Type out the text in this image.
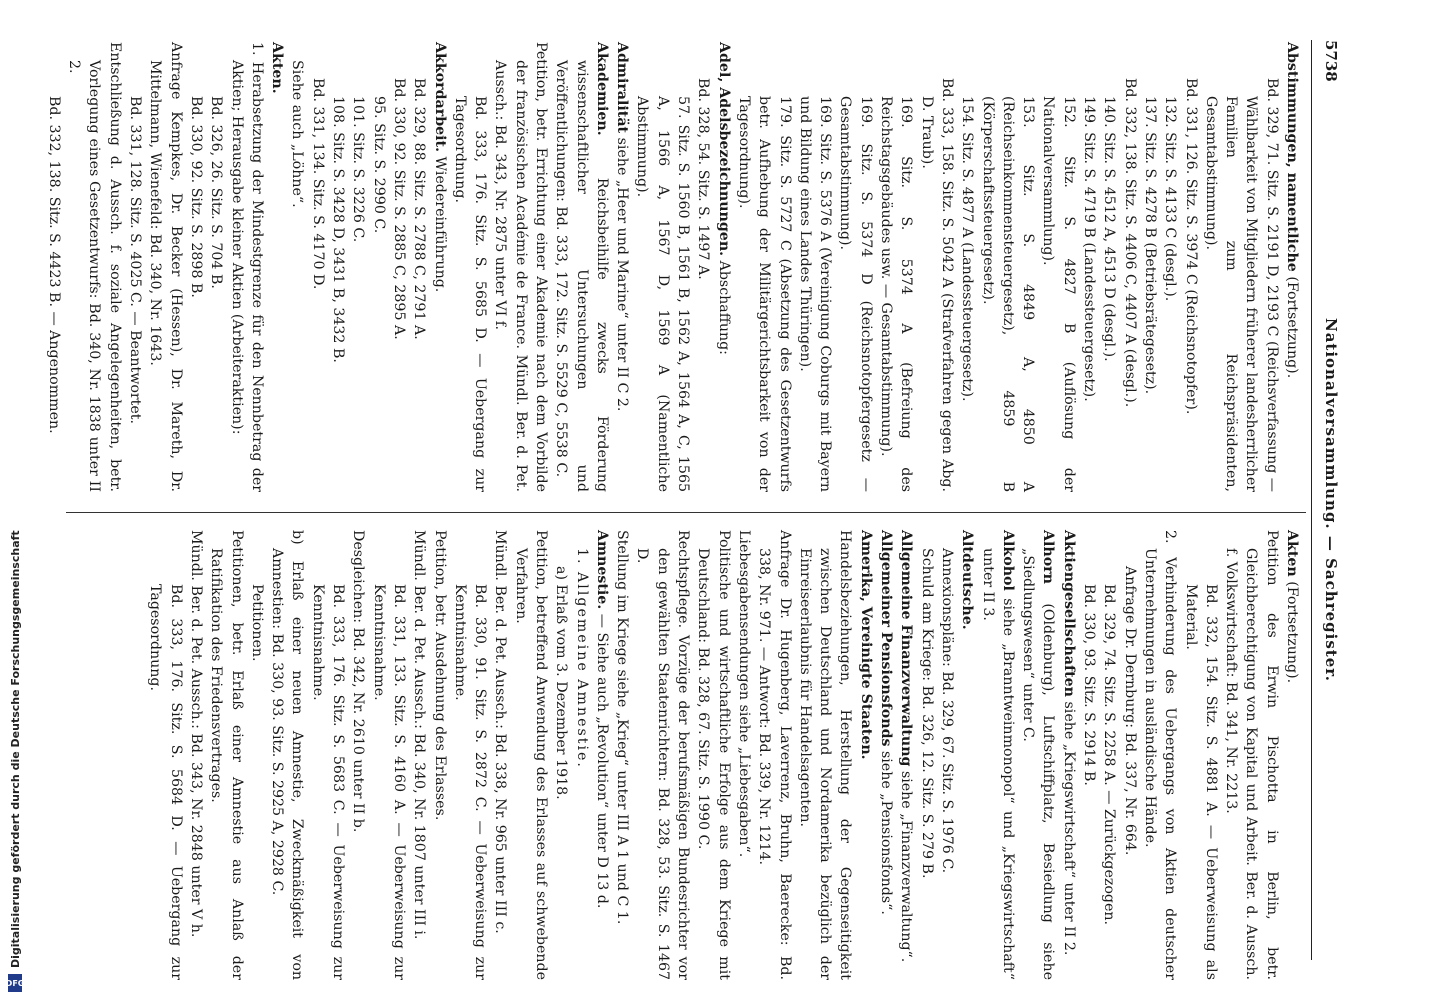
5738
Nationalversammlung. — Sachregister.

Abstimmungen, namentliche (Fortsetzung).

Bd. 329, 71. Sitz. S. 2191 D, 2193 C (Reichsverfassung — Wählbarkeit von Mitgliedern früherer landesherrlicher Familien zum Reichspräsidenten, Gesamtabstimmung).

Bd. 331, 126. Sitz. S. 3974 C (Reichsnotopfer).

132. Sitz. S. 4133 C (desgl.).

137. Sitz. S. 4278 B (Betriebsrätegesetz).

Bd. 332, 138. Sitz. S. 4406 C, 4407 A (desgl.).

140. Sitz. S. 4512 A, 4513 D (desgl.).

149. Sitz. S. 4719 B (Landessteuergesetz).

152. Sitz. S. 4827 B (Auflösung der Nationalversammlung).

153. Sitz. S. 4849 A, 4850 A (Reichseinkommensteuergesetz), 4859 B (Körperschaftssteuergesetz).

154. Sitz. S. 4877 A (Landessteuergesetz).

Bd. 333, 158. Sitz. S. 5042 A (Strafverfahren gegen Abg. D. Traub).

169. Sitz. S. 5374 A (Befreiung des Reichstagsgebäudes usw. — Gesamtabstimmung).

169. Sitz. S. 5374 D (Reichsnotopfergesetz — Gesamtabstimmung).

169. Sitz. S. 5376 A (Vereinigung Coburgs mit Bayern und Bildung eines Landes Thüringen).

179. Sitz. S. 5727 C (Absetzung des Gesetzentwurfs betr. Aufhebung der Militärgerichtsbarkeit von der Tagesordnung).

Adel, Adelsbezeichnungen. Abschaffung:

Bd. 328, 54. Sitz. S. 1497 A.

57. Sitz. S. 1560 B, 1561 B, 1562 A, 1564 A, C, 1565 A, 1566 A, 1567 D, 1569 A (Namentliche Abstimmung).

Admiralität siehe „Heer und Marine“ unter II C 2.

Akademien. Reichsbeihilfe zwecks Förderung wissenschaftlicher Untersuchungen und Veröffentlichungen: Bd. 333, 172. Sitz. S. 5529 C, 5538 C.

Petition, betr. Errichtung einer Akademie nach dem Vorbilde der französischen Académie de France. Mündl. Ber. d. Pet. Aussch.: Bd. 343, Nr. 2875 unter VI f.

Bd. 333, 176. Sitz. S. 5685 D. — Uebergang zur Tagesordnung.

Akkordarbeit. Wiedereinführung.

Bd. 329, 88. Sitz. S. 2788 C, 2791 A.

Bd. 330, 92. Sitz. S. 2885 C, 2895 A.

95. Sitz. S. 2990 C.

101. Sitz. S. 3226 C.

108. Sitz. S. 3428 D, 3431 B, 3432 B.

Bd. 331, 134. Sitz. S. 4170 D.

Siehe auch „Löhne“.

Akten.

1. Herabsetzung der Mindestgrenze für den Nennbetrag der Aktien; Herausgabe kleiner Aktien (Arbeiteraktien):

Bd. 326, 26. Sitz. S. 704 B.

Bd. 330, 92. Sitz. S. 2898 B.

Anfrage Kempkes, Dr. Becker (Hessen), Dr. Mareth, Dr. Mittelmann, Wienefeld: Bd. 340, Nr. 1643.

Bd. 331, 128. Sitz. S. 4025 C. — Beantwortet.

Entschließung d. Aussch. f. soziale Angelegenheiten, betr. Vorlegung eines Gesetzentwurfs: Bd. 340, Nr. 1838 unter II 2.

Bd. 332, 138. Sitz. S. 4423 B. — Angenommen.

Akten (Fortsetzung).

Petition des Erwin Pischotta in Berlin, betr. Gleichberechtigung von Kapital und Arbeit. Ber. d. Aussch. f. Volkswirtschaft: Bd. 341, Nr. 2213.

Bd. 332, 154. Sitz. S. 4881 A. — Ueberweisung als Material.

2. Verhinderung des Uebergangs von Aktien deutscher Unternehmungen in ausländische Hände.

Anfrage Dr. Dernburg: Bd. 337, Nr. 664.

Bd. 329, 74. Sitz. S. 2258 A. — Zurückgezogen.

Bd. 330, 93. Sitz. S. 2914 B.

Aktiengesellschaften siehe „Kriegswirtschaft“ unter II 2.

Alhorn (Oldenburg), Luftschiffplatz, Besiedlung siehe „Siedlungswesen“ unter C.

Alkohol siehe „Branntweinmonopol“ und „Kriegswirtschaft“ unter II 3.

Altdeutsche.

Annexionspläne: Bd. 329, 67. Sitz. S. 1976 C.

Schuld am Kriege: Bd. 326, 12. Sitz. S. 279 B.

Allgemeine Finanzverwaltung siehe „Finanzverwaltung“.

Allgemeiner Pensionsfonds siehe „Pensionsfonds“.

Amerika, Vereinigte Staaten.

Handelsbeziehungen, Herstellung der Gegenseitigkeit zwischen Deutschland und Nordamerika bezüglich der Einreiseerlaubnis für Handelsagenten.

Anfrage Dr. Hugenberg, Laverrenz, Bruhn, Baerecke: Bd. 338, Nr. 971. — Antwort: Bd. 339, Nr. 1214.

Liebesgabensendungen siehe „Liebesgaben“.

Politische und wirtschaftliche Erfolge aus dem Kriege mit Deutschland: Bd. 328, 67. Sitz. S. 1990 C.

Rechtspflege. Vorzüge der berufsmäßigen Bundesrichter vor den gewählten Staatenrichtern: Bd. 328, 53. Sitz. S. 1467 D.

Stellung im Kriege siehe „Krieg“ unter III A 1 und C 1.

Amnestie. — Siehe auch „Revolution“ unter D 13 d.

1. Allgemeine Amnestie.

a) Erlaß vom 3. Dezember 1918.

Petition, betreffend Anwendung des Erlasses auf schwebende Verfahren.

Mündl. Ber. d. Pet. Aussch.: Bd. 338, Nr. 965 unter III c.

Bd. 330, 91. Sitz. S. 2872 C. — Ueberweisung zur Kenntnisnahme.

Petition, betr. Ausdehnung des Erlasses.

Mündl. Ber. d. Pet. Aussch.: Bd. 340, Nr. 1807 unter III i.

Bd. 331, 133. Sitz. S. 4160 A. — Ueberweisung zur Kenntnisnahme.

Desgleichen: Bd. 342, Nr. 2610 unter II b.

Bd. 333, 176. Sitz. S. 5683 C. — Ueberweisung zur Kenntnisnahme.

b) Erlaß einer neuen Amnestie, Zweckmäßigkeit von Amnestien: Bd. 330, 93. Sitz. S. 2925 A, 2928 C.

Petitionen.

Petitionen, betr. Erlaß einer Amnestie aus Anlaß der Ratifikation des Friedensvertrages.

Mündl. Ber. d. Pet. Aussch.: Bd. 343, Nr. 2848 unter V h.

Bd. 333, 176. Sitz. S. 5684 D. — Uebergang zur Tagesordnung.

Digitalisierung gefördert durch die Deutsche Forschungsgemeinschaft
DFG
